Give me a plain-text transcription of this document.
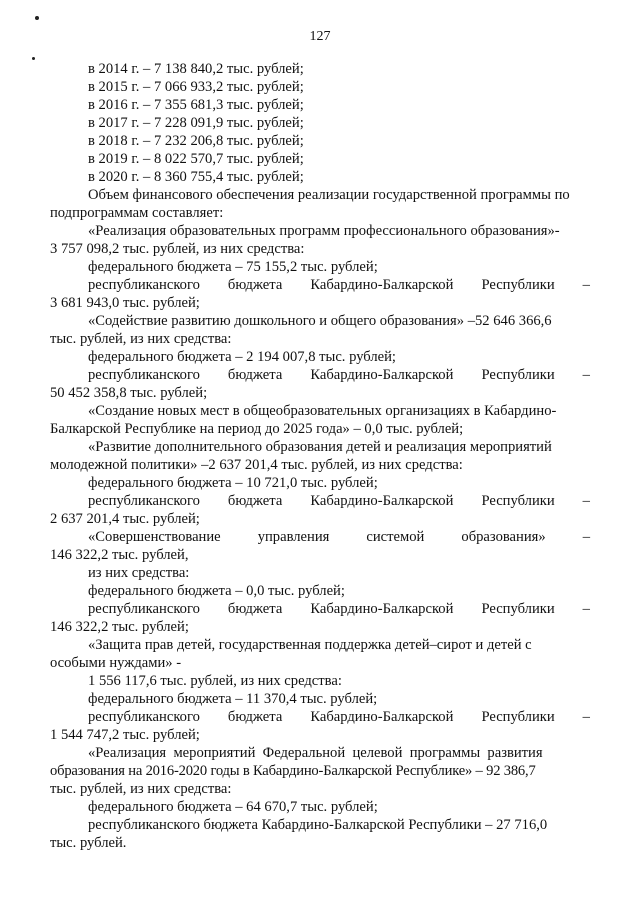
127
в 2014 г. – 7 138 840,2 тыс. рублей;
в 2015 г. – 7 066 933,2 тыс. рублей;
в 2016 г. – 7 355 681,3 тыс. рублей;
в 2017 г. – 7 228 091,9 тыс. рублей;
в 2018 г. – 7 232 206,8 тыс. рублей;
в 2019 г. – 8 022 570,7 тыс. рублей;
в 2020 г. – 8 360 755,4 тыс. рублей;
Объем финансового обеспечения реализации государственной программы по
подпрограммам составляет:
«Реализация образовательных программ профессионального образования»-
3 757 098,2 тыс. рублей, из них средства:
федерального бюджета – 75 155,2 тыс. рублей;
республиканского бюджета Кабардино-Балкарской Республики –
3 681 943,0 тыс. рублей;
«Содействие развитию дошкольного и общего образования» –52 646 366,6
тыс. рублей, из них средства:
федерального бюджета – 2 194 007,8 тыс. рублей;
республиканского бюджета Кабардино-Балкарской Республики –
50 452 358,8 тыс. рублей;
«Создание новых мест в общеобразовательных организациях в Кабардино-
Балкарской Республике на период до 2025 года» – 0,0 тыс. рублей;
«Развитие дополнительного образования детей и реализация мероприятий
молодежной политики» –2 637 201,4 тыс. рублей, из них средства:
федерального бюджета – 10 721,0 тыс. рублей;
республиканского бюджета Кабардино-Балкарской Республики –
2 637 201,4 тыс. рублей;
«Совершенствование	управления	системой	образования»	–
146 322,2 тыс. рублей,
из них средства:
федерального бюджета – 0,0 тыс. рублей;
республиканского бюджета Кабардино-Балкарской Республики –
146 322,2 тыс. рублей;
«Защита прав детей, государственная поддержка детей–сирот и детей с
особыми нуждами» -
1 556 117,6 тыс. рублей, из них средства:
федерального бюджета – 11 370,4 тыс. рублей;
республиканского бюджета Кабардино-Балкарской Республики –
1 544 747,2 тыс. рублей;
«Реализация  мероприятий  Федеральной  целевой  программы  развития
образования на 2016-2020 годы в Кабардино-Балкарской Республике» – 92 386,7
тыс. рублей, из них средства:
федерального бюджета – 64 670,7 тыс. рублей;
республиканского бюджета Кабардино-Балкарской Республики – 27 716,0
тыс. рублей.
